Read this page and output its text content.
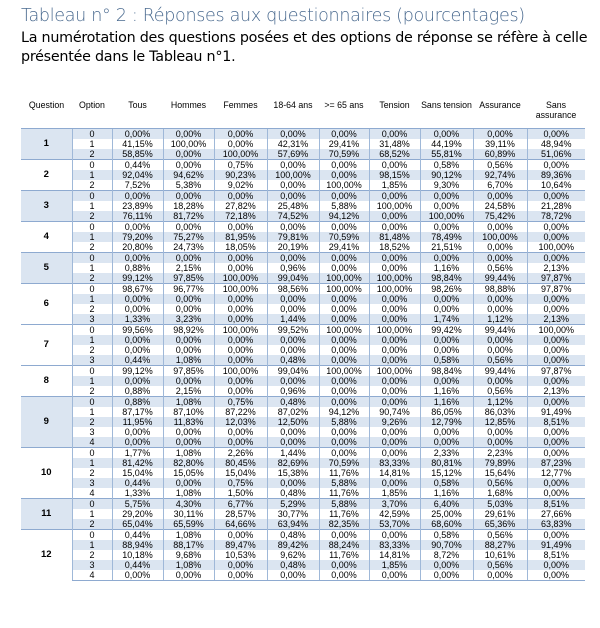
Tableau n° 2 : Réponses aux questionnaires (pourcentages)
La numérotation des questions posées et des options de réponse se réfère à celle présentée dans le Tableau n°1.
Question	Option	Tous	Hommes	Femmes	18-64 ans	>= 65 ans	Tension	Sans tension	Assurance	Sans assurance
1	0	0,00%	0,00%	0,00%	0,00%	0,00%	0,00%	0,00%	0,00%	0,00%
	1	41,15%	100,00%	0,00%	42,31%	29,41%	31,48%	44,19%	39,11%	48,94%
	2	58,85%	0,00%	100,00%	57,69%	70,59%	68,52%	55,81%	60,89%	51,06%
2	0	0,44%	0,00%	0,75%	0,00%	0,00%	0,00%	0,58%	0,56%	0,00%
	1	92,04%	94,62%	90,23%	100,00%	0,00%	98,15%	90,12%	92,74%	89,36%
	2	7,52%	5,38%	9,02%	0,00%	100,00%	1,85%	9,30%	6,70%	10,64%
3	0	0,00%	0,00%	0,00%	0,00%	0,00%	0,00%	0,00%	0,00%	0,00%
	1	23,89%	18,28%	27,82%	25,48%	5,88%	100,00%	0,00%	24,58%	21,28%
	2	76,11%	81,72%	72,18%	74,52%	94,12%	0,00%	100,00%	75,42%	78,72%
4	0	0,00%	0,00%	0,00%	0,00%	0,00%	0,00%	0,00%	0,00%	0,00%
	1	79,20%	75,27%	81,95%	79,81%	70,59%	81,48%	78,49%	100,00%	0,00%
	2	20,80%	24,73%	18,05%	20,19%	29,41%	18,52%	21,51%	0,00%	100,00%
5	0	0,00%	0,00%	0,00%	0,00%	0,00%	0,00%	0,00%	0,00%	0,00%
	1	0,88%	2,15%	0,00%	0,96%	0,00%	0,00%	1,16%	0,56%	2,13%
	2	99,12%	97,85%	100,00%	99,04%	100,00%	100,00%	98,84%	99,44%	97,87%
6	0	98,67%	96,77%	100,00%	98,56%	100,00%	100,00%	98,26%	98,88%	97,87%
	1	0,00%	0,00%	0,00%	0,00%	0,00%	0,00%	0,00%	0,00%	0,00%
	2	0,00%	0,00%	0,00%	0,00%	0,00%	0,00%	0,00%	0,00%	0,00%
	3	1,33%	3,23%	0,00%	1,44%	0,00%	0,00%	1,74%	1,12%	2,13%
7	0	99,56%	98,92%	100,00%	99,52%	100,00%	100,00%	99,42%	99,44%	100,00%
	1	0,00%	0,00%	0,00%	0,00%	0,00%	0,00%	0,00%	0,00%	0,00%
	2	0,00%	0,00%	0,00%	0,00%	0,00%	0,00%	0,00%	0,00%	0,00%
	3	0,44%	1,08%	0,00%	0,48%	0,00%	0,00%	0,58%	0,56%	0,00%
8	0	99,12%	97,85%	100,00%	99,04%	100,00%	100,00%	98,84%	99,44%	97,87%
	1	0,00%	0,00%	0,00%	0,00%	0,00%	0,00%	0,00%	0,00%	0,00%
	2	0,88%	2,15%	0,00%	0,96%	0,00%	0,00%	1,16%	0,56%	2,13%
9	0	0,88%	1,08%	0,75%	0,48%	0,00%	0,00%	1,16%	1,12%	0,00%
	1	87,17%	87,10%	87,22%	87,02%	94,12%	90,74%	86,05%	86,03%	91,49%
	2	11,95%	11,83%	12,03%	12,50%	5,88%	9,26%	12,79%	12,85%	8,51%
	3	0,00%	0,00%	0,00%	0,00%	0,00%	0,00%	0,00%	0,00%	0,00%
	4	0,00%	0,00%	0,00%	0,00%	0,00%	0,00%	0,00%	0,00%	0,00%
10	0	1,77%	1,08%	2,26%	1,44%	0,00%	0,00%	2,33%	2,23%	0,00%
	1	81,42%	82,80%	80,45%	82,69%	70,59%	83,33%	80,81%	79,89%	87,23%
	2	15,04%	15,05%	15,04%	15,38%	11,76%	14,81%	15,12%	15,64%	12,77%
	3	0,44%	0,00%	0,75%	0,00%	5,88%	0,00%	0,58%	0,56%	0,00%
	4	1,33%	1,08%	1,50%	0,48%	11,76%	1,85%	1,16%	1,68%	0,00%
11	0	5,75%	4,30%	6,77%	5,29%	5,88%	3,70%	6,40%	5,03%	8,51%
	1	29,20%	30,11%	28,57%	30,77%	11,76%	42,59%	25,00%	29,61%	27,66%
	2	65,04%	65,59%	64,66%	63,94%	82,35%	53,70%	68,60%	65,36%	63,83%
12	0	0,44%	1,08%	0,00%	0,48%	0,00%	0,00%	0,58%	0,56%	0,00%
	1	88,94%	88,17%	89,47%	89,42%	88,24%	83,33%	90,70%	88,27%	91,49%
	2	10,18%	9,68%	10,53%	9,62%	11,76%	14,81%	8,72%	10,61%	8,51%
	3	0,44%	1,08%	0,00%	0,48%	0,00%	1,85%	0,00%	0,56%	0,00%
	4	0,00%	0,00%	0,00%	0,00%	0,00%	0,00%	0,00%	0,00%	0,00%
